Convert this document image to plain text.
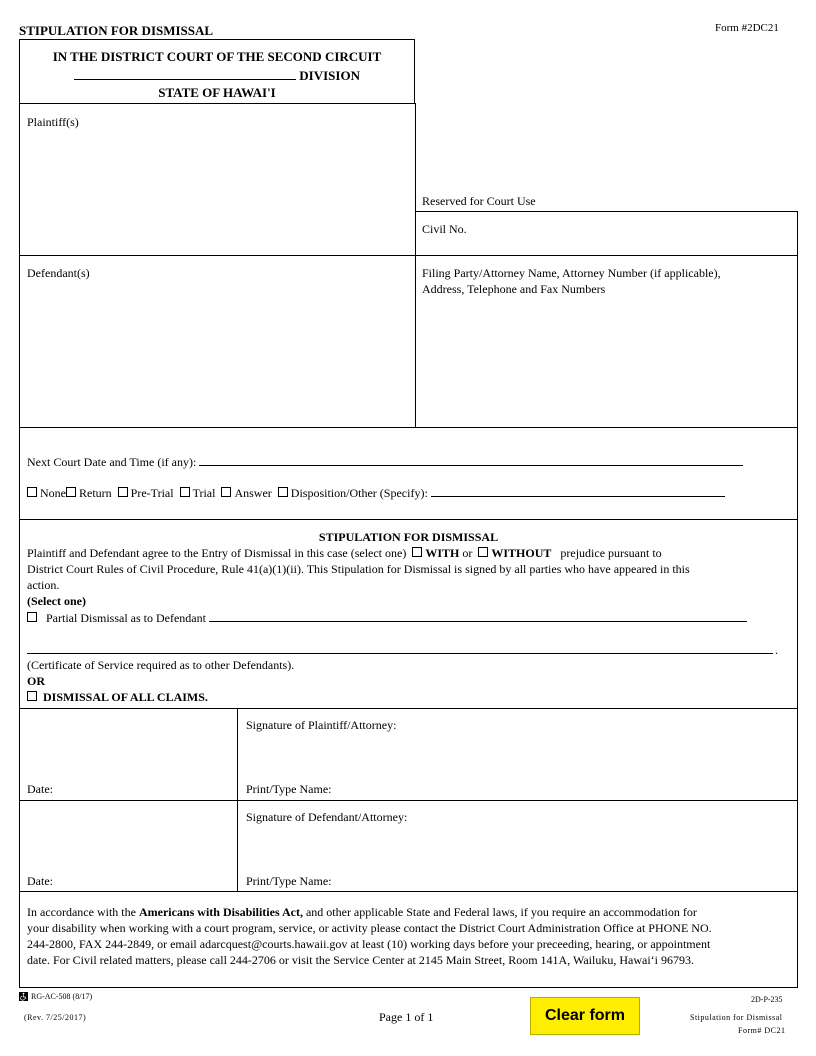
STIPULATION FOR DISMISSAL	Form #2DC21
IN THE DISTRICT COURT OF THE SECOND CIRCUIT
DIVISION
STATE OF HAWAI'I
Plaintiff(s)
Defendant(s)
Reserved for Court Use
Civil No.
Filing Party/Attorney Name, Attorney Number (if applicable),
Address, Telephone and Fax Numbers
Next Court Date and Time (if any):
None Return Pre-Trial Trial Answer Disposition/Other (Specify):
STIPULATION FOR DISMISSAL
Plaintiff and Defendant agree to the Entry of Dismissal in this case (select one) WITH or WITHOUT prejudice pursuant to
District Court Rules of Civil Procedure, Rule 41(a)(1)(ii). This Stipulation for Dismissal is signed by all parties who have appeared in this
action.
(Select one)
Partial Dismissal as to Defendant
.
(Certificate of Service required as to other Defendants).
OR
DISMISSAL OF ALL CLAIMS.
Date:
Signature of Plaintiff/Attorney:
Print/Type Name:
Date:
Signature of Defendant/Attorney:
Print/Type Name:
In accordance with the Americans with Disabilities Act, and other applicable State and Federal laws, if you require an accommodation for
your disability when working with a court program, service, or activity please contact the District Court Administration Office at PHONE NO.
244-2800, FAX 244-2849, or email adarcquest@courts.hawaii.gov at least (10) working days before your preceeding, hearing, or appointment
date. For Civil related matters, please call 244-2706 or visit the Service Center at 2145 Main Street, Room 141A, Wailuku, Hawai‘i 96793.
RG-AC-508 (8/17)
(Rev. 7/25/2017)	Page 1 of 1	Clear form
2D-P-235
Stipulation for Dismissal
Form# DC21
